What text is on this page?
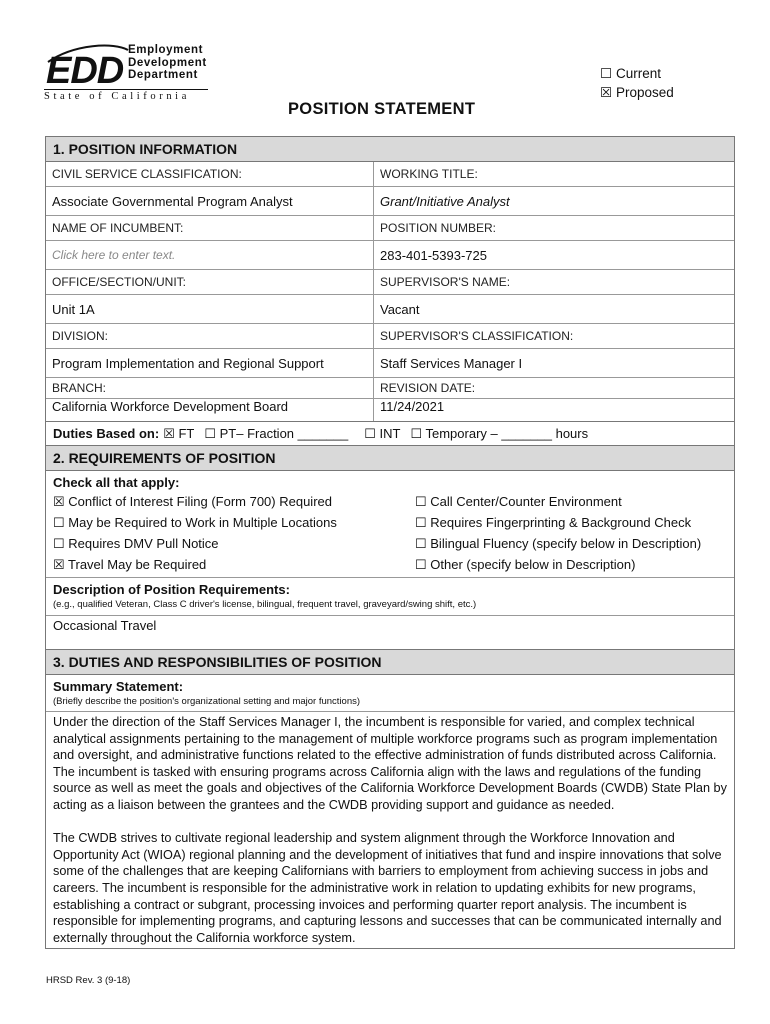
EDD Employment
Development
Department
State of California
☐ Current
☒ Proposed
POSITION STATEMENT
1. POSITION INFORMATION
CIVIL SERVICE CLASSIFICATION:	WORKING TITLE:
Associate Governmental Program Analyst	Grant/Initiative Analyst
NAME OF INCUMBENT:	POSITION NUMBER:
Click here to enter text.	283-401-5393-725
OFFICE/SECTION/UNIT:	SUPERVISOR'S NAME:
Unit 1A	Vacant
DIVISION:	SUPERVISOR'S CLASSIFICATION:
Program Implementation and Regional Support	Staff Services Manager I
BRANCH:	REVISION DATE:
California Workforce Development Board	11/24/2021
Duties Based on: ☒ FT ☐ PT– Fraction _______ ☐ INT ☐ Temporary – _______ hours
2. REQUIREMENTS OF POSITION
Check all that apply:
☒ Conflict of Interest Filing (Form 700) Required	☐ Call Center/Counter Environment
☐ May be Required to Work in Multiple Locations	☐ Requires Fingerprinting & Background Check
☐ Requires DMV Pull Notice	☐ Bilingual Fluency (specify below in Description)
☒ Travel May be Required	☐ Other (specify below in Description)
Description of Position Requirements:
(e.g., qualified Veteran, Class C driver's license, bilingual, frequent travel, graveyard/swing shift, etc.)
Occasional Travel
3. DUTIES AND RESPONSIBILITIES OF POSITION
Summary Statement:
(Briefly describe the position's organizational setting and major functions)

Under the direction of the Staff Services Manager I, the incumbent is responsible for varied, and complex technical analytical assignments pertaining to the management of multiple workforce programs such as program implementation and oversight, and administrative functions related to the effective administration of funds distributed across California. The incumbent is tasked with ensuring programs across California align with the laws and regulations of the funding source as well as meet the goals and objectives of the California Workforce Development Boards (CWDB) State Plan by acting as a liaison between the grantees and the CWDB providing support and guidance as needed.

The CWDB strives to cultivate regional leadership and system alignment through the Workforce Innovation and Opportunity Act (WIOA) regional planning and the development of initiatives that fund and inspire innovations that solve some of the challenges that are keeping Californians with barriers to employment from achieving success in jobs and careers. The incumbent is responsible for the administrative work in relation to updating exhibits for new programs, establishing a contract or subgrant, processing invoices and performing quarter report analysis. The incumbent is responsible for implementing programs, and capturing lessons and successes that can be communicated internally and externally throughout the California workforce system.

HRSD Rev. 3 (9-18)
